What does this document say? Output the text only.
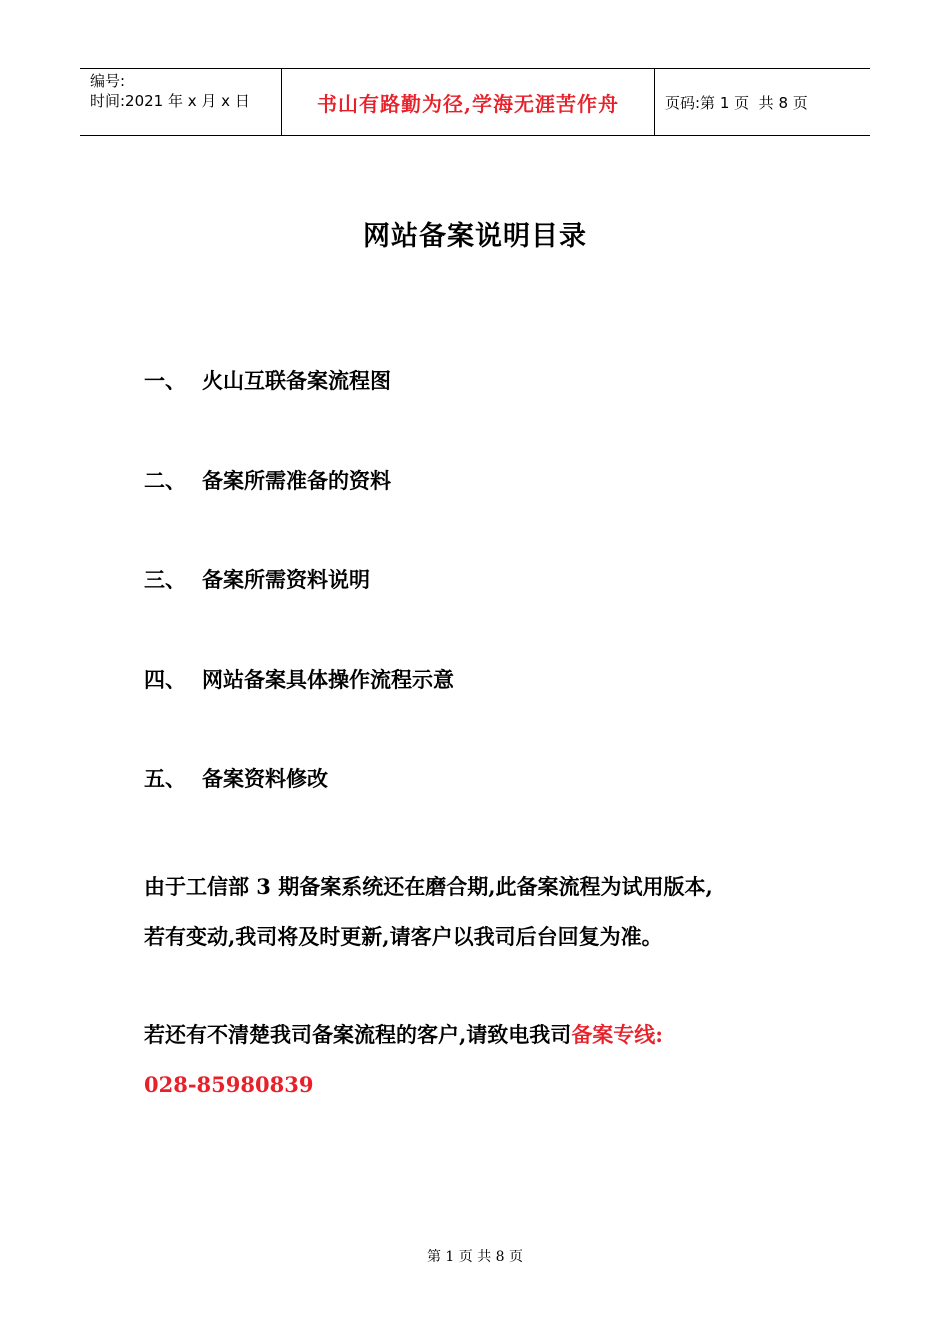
编号:
时间:2021 年 x 月 x 日	书山有路勤为径,学海无涯苦作舟	页码:第 1 页  共 8 页
网站备案说明目录
一、 火山互联备案流程图
二、 备案所需准备的资料
三、 备案所需资料说明
四、 网站备案具体操作流程示意
五、 备案资料修改
由于工信部 3 期备案系统还在磨合期,此备案流程为试用版本,
若有变动,我司将及时更新,请客户以我司后台回复为准。
若还有不清楚我司备案流程的客户,请致电我司备案专线:
028-85980839
第 1 页 共 8 页
